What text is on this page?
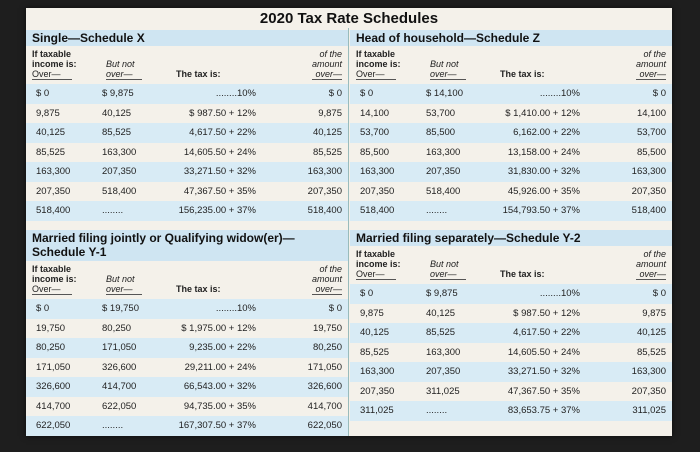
2020 Tax Rate Schedules
Single—Schedule X
If taxable
income is:
Over—
But not
over—	The tax is:
of the
amount
over—
$ 0	$ 9,875	........10%	$ 0
9,875	40,125	$ 987.50 + 12%	9,875
40,125	85,525	4,617.50 + 22%	40,125
85,525	163,300	14,605.50 + 24%	85,525
163,300	207,350	33,271.50 + 32%	163,300
207,350	518,400	47,367.50 + 35%	207,350
518,400	........	156,235.00 + 37%	518,400
Head of household—Schedule Z
If taxable
income is:
Over—
But not
over—	The tax is:
of the
amount
over—
$ 0	$ 14,100	........10%	$ 0
14,100	53,700	$ 1,410.00 + 12%	14,100
53,700	85,500	6,162.00 + 22%	53,700
85,500	163,300	13,158.00 + 24%	85,500
163,300	207,350	31,830.00 + 32%	163,300
207,350	518,400	45,926.00 + 35%	207,350
518,400	........	154,793.50 + 37%	518,400
Married filing jointly or Qualifying widow(er)—
Schedule Y-1
If taxable
income is:
Over—
But not
over—	The tax is:
of the
amount
over—
$ 0	$ 19,750	........10%	$ 0
19,750	80,250	$ 1,975.00 + 12%	19,750
80,250	171,050	9,235.00 + 22%	80,250
171,050	326,600	29,211.00 + 24%	171,050
326,600	414,700	66,543.00 + 32%	326,600
414,700	622,050	94,735.00 + 35%	414,700
622,050	........	167,307.50 + 37%	622,050
Married filing separately—Schedule Y-2
If taxable
income is:
Over—
But not
over—	The tax is:
of the
amount
over—
$ 0	$ 9,875	........10%	$ 0
9,875	40,125	$ 987.50 + 12%	9,875
40,125	85,525	4,617.50 + 22%	40,125
85,525	163,300	14,605.50 + 24%	85,525
163,300	207,350	33,271.50 + 32%	163,300
207,350	311,025	47,367.50 + 35%	207,350
311,025	........	83,653.75 + 37%	311,025
